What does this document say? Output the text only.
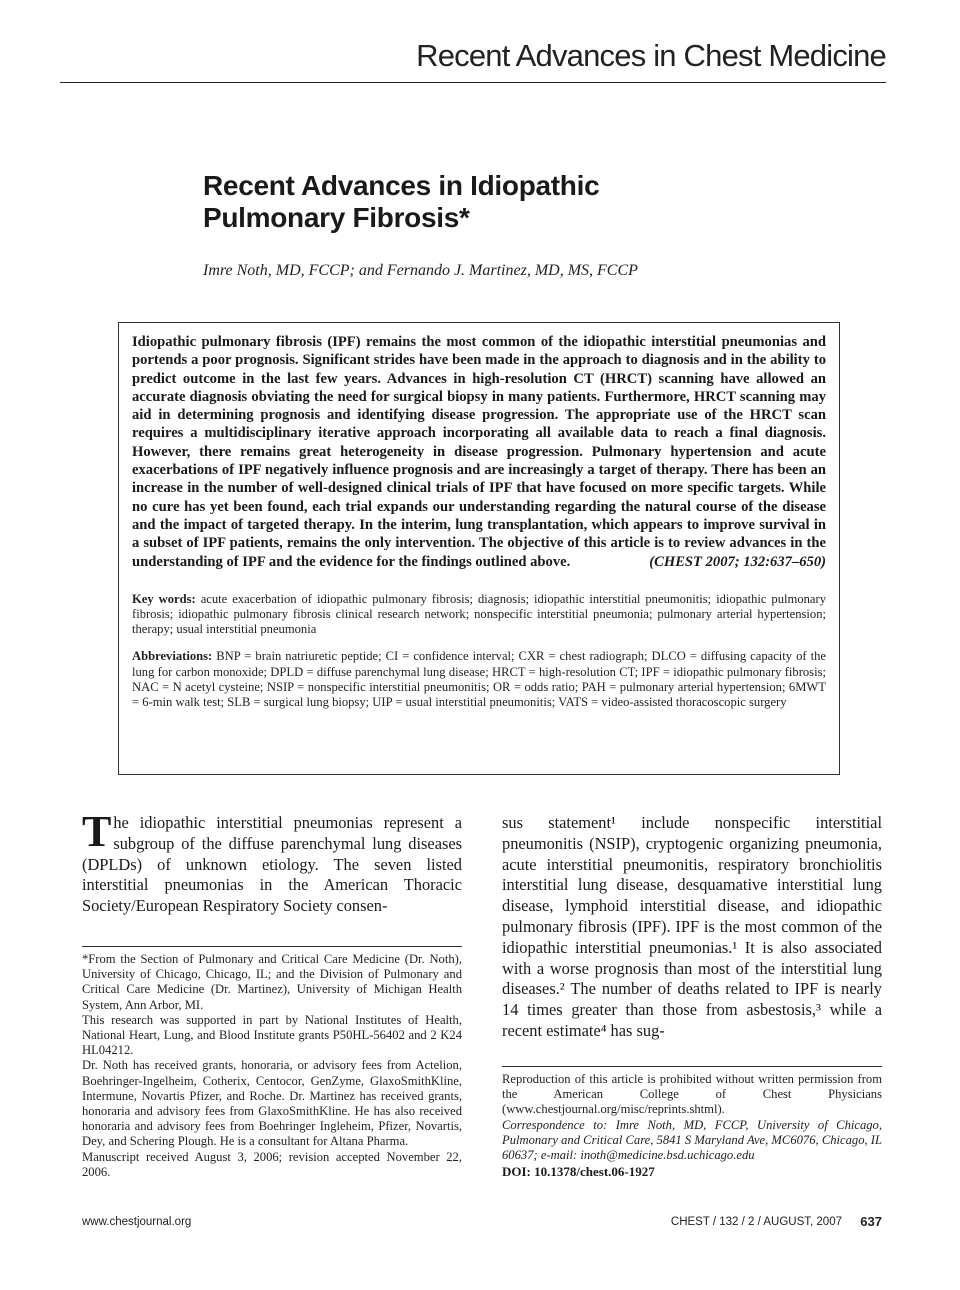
Recent Advances in Chest Medicine
Recent Advances in Idiopathic
Pulmonary Fibrosis*
Imre Noth, MD, FCCP; and Fernando J. Martinez, MD, MS, FCCP

Idiopathic pulmonary fibrosis (IPF) remains the most common of the idiopathic interstitial pneumonias and portends a poor prognosis. Significant strides have been made in the approach to diagnosis and in the ability to predict outcome in the last few years. Advances in high-resolution CT (HRCT) scanning have allowed an accurate diagnosis obviating the need for surgical biopsy in many patients. Furthermore, HRCT scanning may aid in determining prognosis and identifying disease progression. The appropriate use of the HRCT scan requires a multidisciplinary iterative approach incorporating all available data to reach a final diagnosis. However, there remains great heterogeneity in disease progression. Pulmonary hypertension and acute exacerbations of IPF negatively influence prognosis and are increasingly a target of therapy. There has been an increase in the number of well-designed clinical trials of IPF that have focused on more specific targets. While no cure has yet been found, each trial expands our understanding regarding the natural course of the disease and the impact of targeted therapy. In the interim, lung transplantation, which appears to improve survival in a subset of IPF patients, remains the only intervention. The objective of this article is to review advances in the understanding of IPF and the evidence for the findings outlined above.	(CHEST 2007; 132:637–650)

Key words: acute exacerbation of idiopathic pulmonary fibrosis; diagnosis; idiopathic interstitial pneumonitis; idiopathic pulmonary fibrosis; idiopathic pulmonary fibrosis clinical research network; nonspecific interstitial pneumonia; pulmonary arterial hypertension; therapy; usual interstitial pneumonia

Abbreviations: BNP = brain natriuretic peptide; CI = confidence interval; CXR = chest radiograph; DLCO = diffusing capacity of the lung for carbon monoxide; DPLD = diffuse parenchymal lung disease; HRCT = high-resolution CT; IPF = idiopathic pulmonary fibrosis; NAC = N acetyl cysteine; NSIP = nonspecific interstitial pneumonitis; OR = odds ratio; PAH = pulmonary arterial hypertension; 6MWT = 6-min walk test; SLB = surgical lung biopsy; UIP = usual interstitial pneumonitis; VATS = video-assisted thoracoscopic surgery

The idiopathic interstitial pneumonias represent a subgroup of the diffuse parenchymal lung diseases (DPLDs) of unknown etiology. The seven listed interstitial pneumonias in the American Thoracic Society/European Respiratory Society consen-

sus statement¹ include nonspecific interstitial pneumonitis (NSIP), cryptogenic organizing pneumonia, acute interstitial pneumonitis, respiratory bronchiolitis interstitial lung disease, desquamative interstitial lung disease, lymphoid interstitial disease, and idiopathic pulmonary fibrosis (IPF). IPF is the most common of the idiopathic interstitial pneumonias.¹ It is also associated with a worse prognosis than most of the interstitial lung diseases.² The number of deaths related to IPF is nearly 14 times greater than those from asbestosis,³ while a recent estimate⁴ has sug-

*From the Section of Pulmonary and Critical Care Medicine (Dr. Noth), University of Chicago, Chicago, IL; and the Division of Pulmonary and Critical Care Medicine (Dr. Martinez), University of Michigan Health System, Ann Arbor, MI.

This research was supported in part by National Institutes of Health, National Heart, Lung, and Blood Institute grants P50HL-56402 and 2 K24 HL04212.

Dr. Noth has received grants, honoraria, or advisory fees from Actelion, Boehringer-Ingelheim, Cotherix, Centocor, GenZyme, GlaxoSmithKline, Intermune, Novartis Pfizer, and Roche. Dr. Martinez has received grants, honoraria and advisory fees from GlaxoSmithKline. He has also received honoraria and advisory fees from Boehringer Ingleheim, Pfizer, Novartis, Dey, and Schering Plough. He is a consultant for Altana Pharma.

Manuscript received August 3, 2006; revision accepted November 22, 2006.

Reproduction of this article is prohibited without written permission from the American College of Chest Physicians (www.chestjournal.org/misc/reprints.shtml).

Correspondence to: Imre Noth, MD, FCCP, University of Chicago, Pulmonary and Critical Care, 5841 S Maryland Ave, MC6076, Chicago, IL 60637; e-mail: inoth@medicine.bsd.uchicago.edu

DOI: 10.1378/chest.06-1927

www.chestjournal.org	CHEST / 132 / 2 / AUGUST, 2007 637
